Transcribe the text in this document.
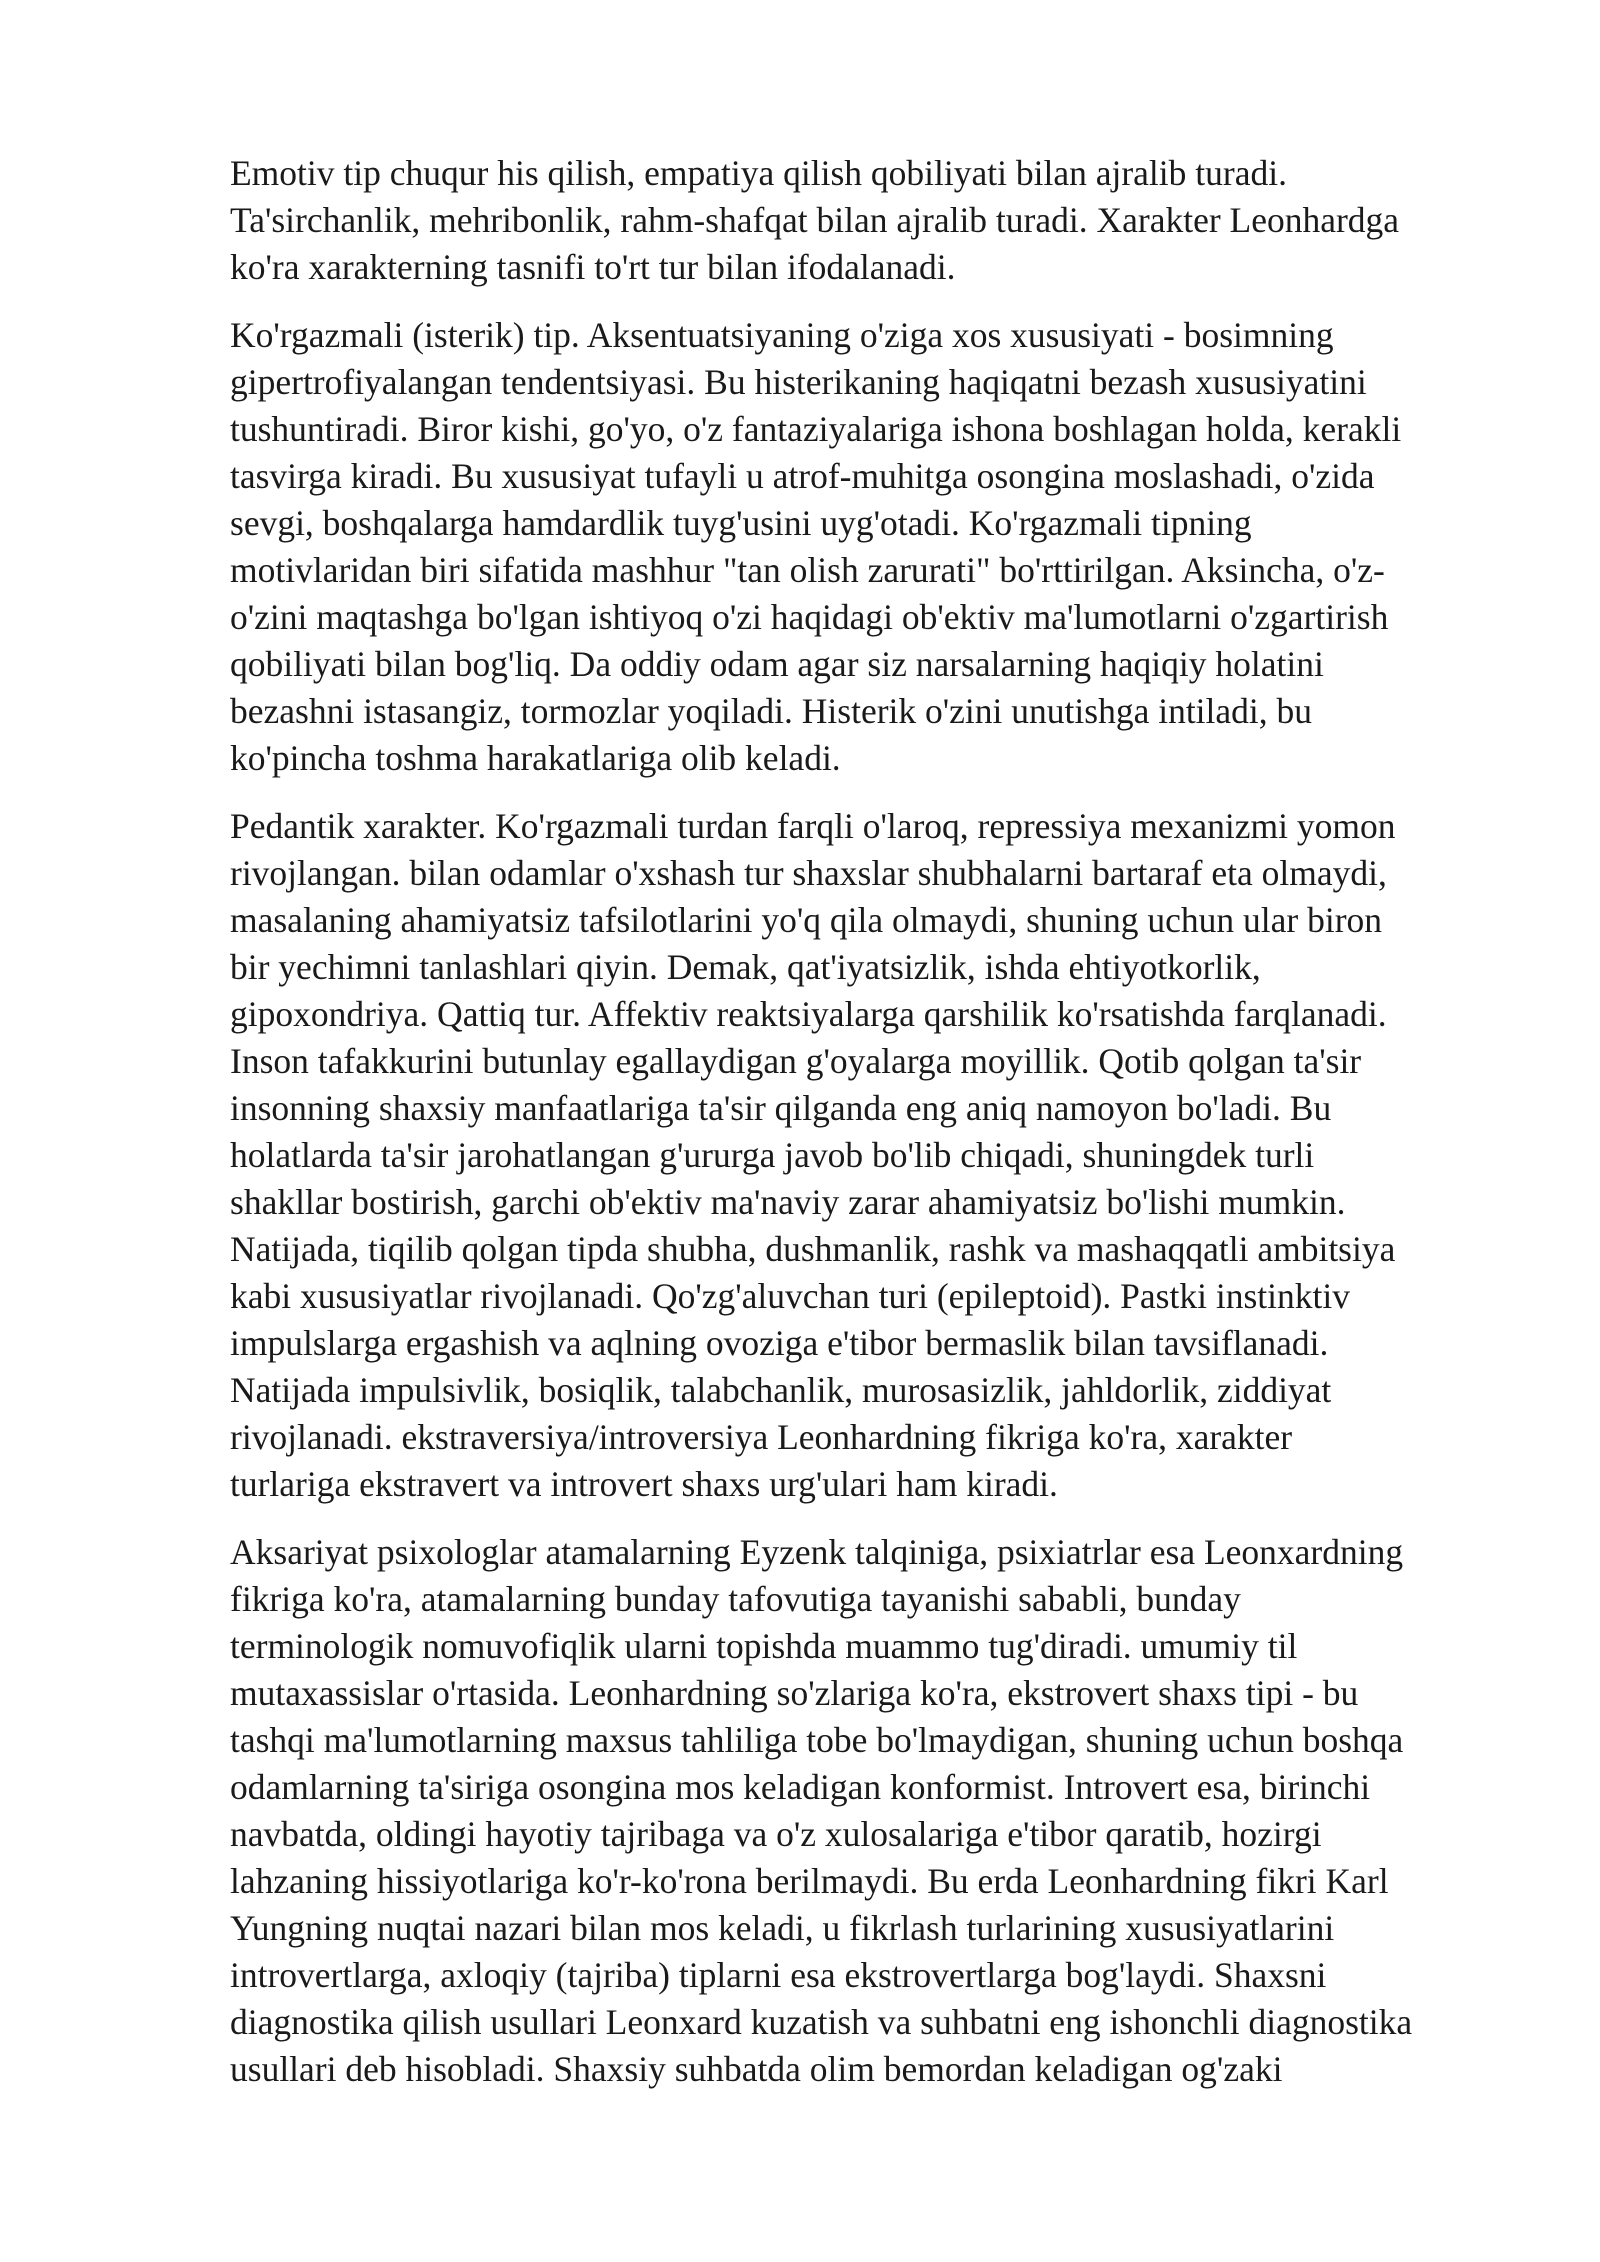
Emotiv tip chuqur his qilish, empatiya qilish qobiliyati bilan ajralib turadi.
Ta'sirchanlik, mehribonlik, rahm-shafqat bilan ajralib turadi. Xarakter Leonhardga
ko'ra xarakterning tasnifi to'rt tur bilan ifodalanadi.
Ko'rgazmali (isterik) tip. Aksentuatsiyaning o'ziga xos xususiyati - bosimning
gipertrofiyalangan tendentsiyasi. Bu histerikaning haqiqatni bezash xususiyatini
tushuntiradi. Biror kishi, go'yo, o'z fantaziyalariga ishona boshlagan holda, kerakli
tasvirga kiradi. Bu xususiyat tufayli u atrof-muhitga osongina moslashadi, o'zida
sevgi, boshqalarga hamdardlik tuyg'usini uyg'otadi. Ko'rgazmali tipning
motivlaridan biri sifatida mashhur "tan olish zarurati" bo'rttirilgan. Aksincha, o'z-
o'zini maqtashga bo'lgan ishtiyoq o'zi haqidagi ob'ektiv ma'lumotlarni o'zgartirish
qobiliyati bilan bog'liq. Da oddiy odam agar siz narsalarning haqiqiy holatini
bezashni istasangiz, tormozlar yoqiladi. Histerik o'zini unutishga intiladi, bu
ko'pincha toshma harakatlariga olib keladi.
Pedantik xarakter. Ko'rgazmali turdan farqli o'laroq, repressiya mexanizmi yomon
rivojlangan. bilan odamlar o'xshash tur shaxslar shubhalarni bartaraf eta olmaydi,
masalaning ahamiyatsiz tafsilotlarini yo'q qila olmaydi, shuning uchun ular biron
bir yechimni tanlashlari qiyin. Demak, qat'iyatsizlik, ishda ehtiyotkorlik,
gipoxondriya. Qattiq tur. Affektiv reaktsiyalarga qarshilik ko'rsatishda farqlanadi.
Inson tafakkurini butunlay egallaydigan g'oyalarga moyillik. Qotib qolgan ta'sir
insonning shaxsiy manfaatlariga ta'sir qilganda eng aniq namoyon bo'ladi. Bu
holatlarda ta'sir jarohatlangan g'ururga javob bo'lib chiqadi, shuningdek turli
shakllar bostirish, garchi ob'ektiv ma'naviy zarar ahamiyatsiz bo'lishi mumkin.
Natijada, tiqilib qolgan tipda shubha, dushmanlik, rashk va mashaqqatli ambitsiya
kabi xususiyatlar rivojlanadi. Qo'zg'aluvchan turi (epileptoid). Pastki instinktiv
impulslarga ergashish va aqlning ovoziga e'tibor bermaslik bilan tavsiflanadi.
Natijada impulsivlik, bosiqlik, talabchanlik, murosasizlik, jahldorlik, ziddiyat
rivojlanadi. ekstraversiya/introversiya Leonhardning fikriga ko'ra, xarakter
turlariga ekstravert va introvert shaxs urg'ulari ham kiradi.
Aksariyat psixologlar atamalarning Eyzenk talqiniga, psixiatrlar esa Leonxardning
fikriga ko'ra, atamalarning bunday tafovutiga tayanishi sababli, bunday
terminologik nomuvofiqlik ularni topishda muammo tug'diradi. umumiy til
mutaxassislar o'rtasida. Leonhardning so'zlariga ko'ra, ekstrovert shaxs tipi - bu
tashqi ma'lumotlarning maxsus tahliliga tobe bo'lmaydigan, shuning uchun boshqa
odamlarning ta'siriga osongina mos keladigan konformist. Introvert esa, birinchi
navbatda, oldingi hayotiy tajribaga va o'z xulosalariga e'tibor qaratib, hozirgi
lahzaning hissiyotlariga ko'r-ko'rona berilmaydi. Bu erda Leonhardning fikri Karl
Yungning nuqtai nazari bilan mos keladi, u fikrlash turlarining xususiyatlarini
introvertlarga, axloqiy (tajriba) tiplarni esa ekstrovertlarga bog'laydi. Shaxsni
diagnostika qilish usullari Leonxard kuzatish va suhbatni eng ishonchli diagnostika
usullari deb hisobladi. Shaxsiy suhbatda olim bemordan keladigan og'zaki
